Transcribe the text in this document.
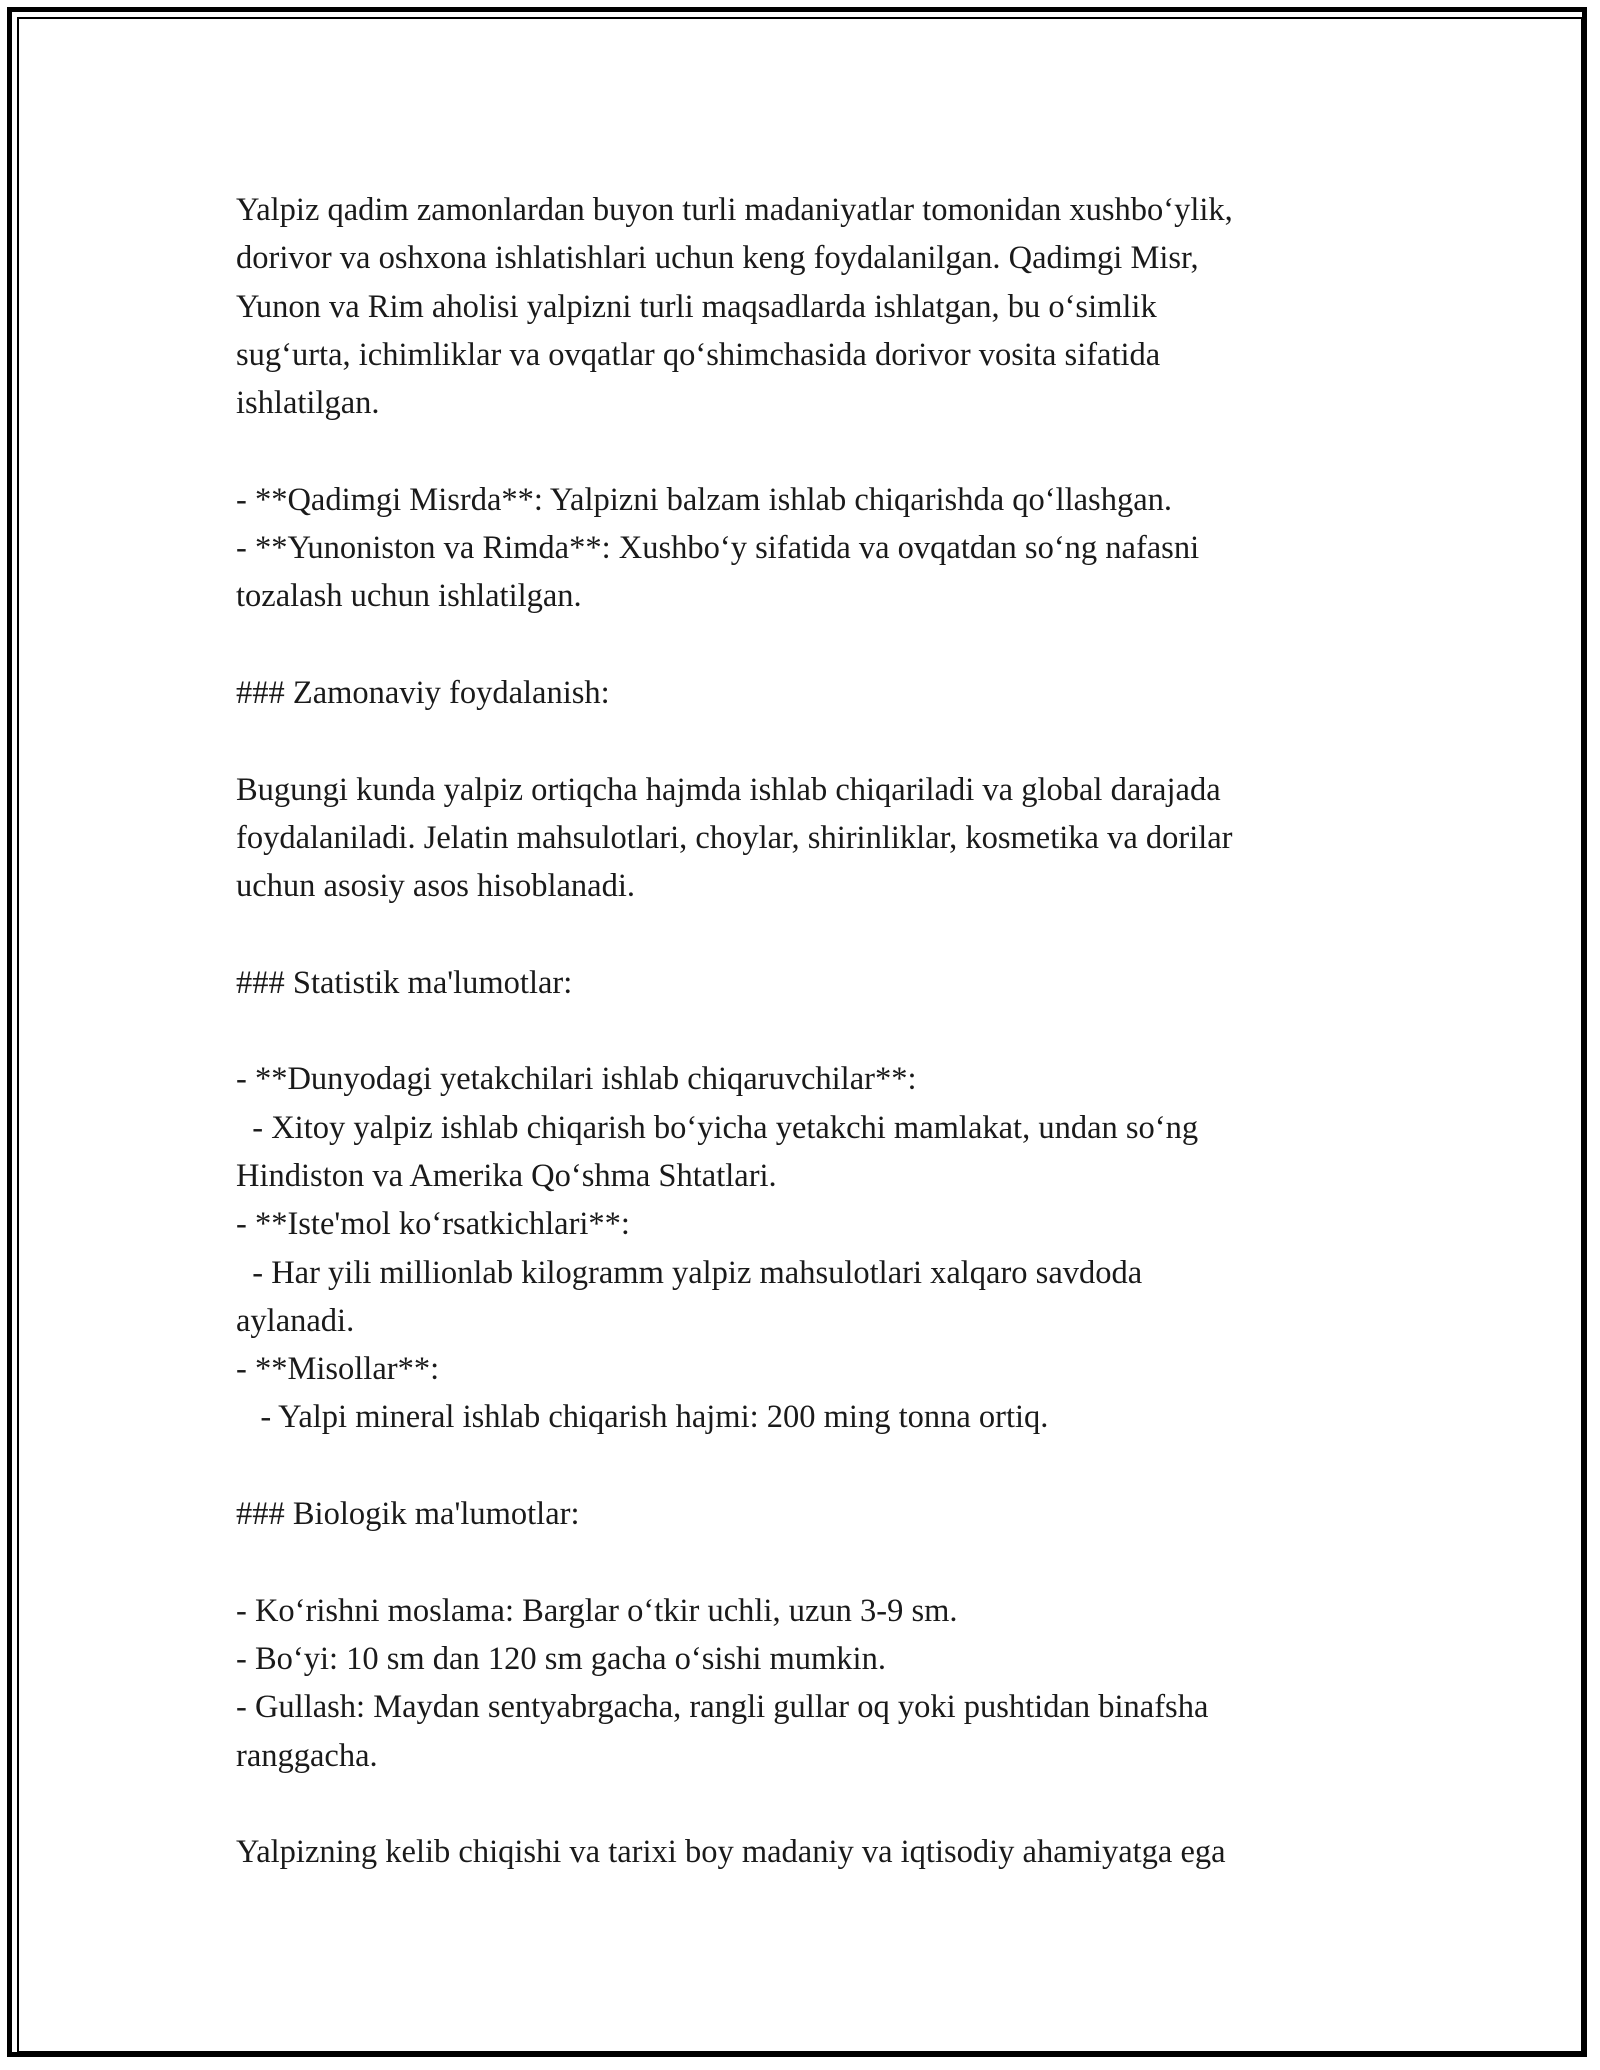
Yalpiz qadim zamonlardan buyon turli madaniyatlar tomonidan xushbo‘ylik,
dorivor va oshxona ishlatishlari uchun keng foydalanilgan. Qadimgi Misr,
Yunon va Rim aholisi yalpizni turli maqsadlarda ishlatgan, bu o‘simlik
sug‘urta, ichimliklar va ovqatlar qo‘shimchasida dorivor vosita sifatida
ishlatilgan.
- **Qadimgi Misrda**: Yalpizni balzam ishlab chiqarishda qo‘llashgan.
- **Yunoniston va Rimda**: Xushbo‘y sifatida va ovqatdan so‘ng nafasni
tozalash uchun ishlatilgan.
### Zamonaviy foydalanish:
Bugungi kunda yalpiz ortiqcha hajmda ishlab chiqariladi va global darajada
foydalaniladi. Jelatin mahsulotlari, choylar, shirinliklar, kosmetika va dorilar
uchun asosiy asos hisoblanadi.
### Statistik ma'lumotlar:
- **Dunyodagi yetakchilari ishlab chiqaruvchilar**:
- Xitoy yalpiz ishlab chiqarish bo‘yicha yetakchi mamlakat, undan so‘ng
Hindiston va Amerika Qo‘shma Shtatlari.
- **Iste'mol ko‘rsatkichlari**:
- Har yili millionlab kilogramm yalpiz mahsulotlari xalqaro savdoda
aylanadi.
- **Misollar**:
- Yalpi mineral ishlab chiqarish hajmi: 200 ming tonna ortiq.
### Biologik ma'lumotlar:
- Ko‘rishni moslama: Barglar o‘tkir uchli, uzun 3-9 sm.
- Bo‘yi: 10 sm dan 120 sm gacha o‘sishi mumkin.
- Gullash: Maydan sentyabrgacha, rangli gullar oq yoki pushtidan binafsha
ranggacha.
Yalpizning kelib chiqishi va tarixi boy madaniy va iqtisodiy ahamiyatga ega
